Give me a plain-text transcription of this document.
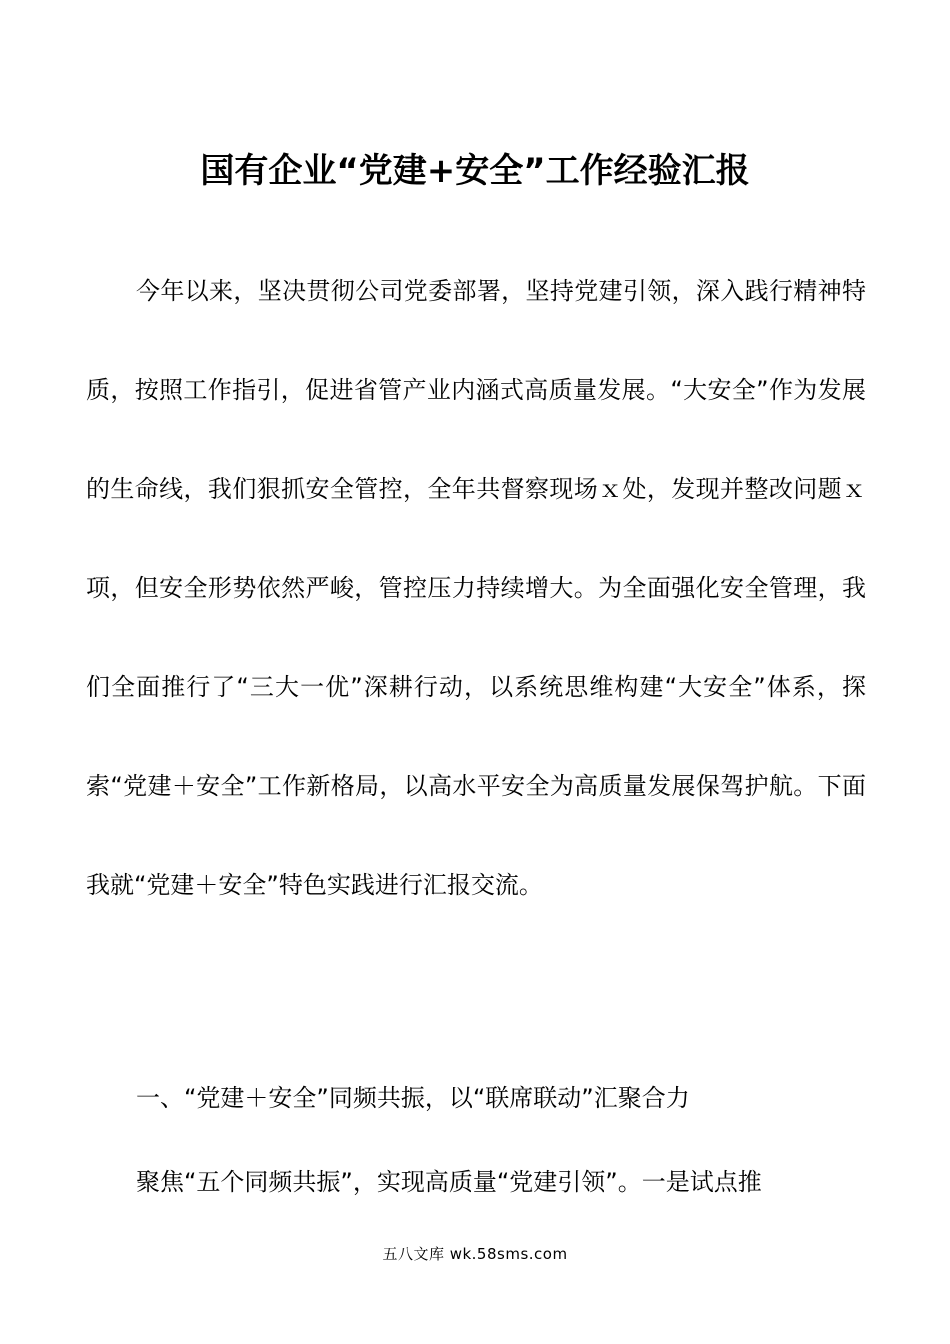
国有企业“党建+安全”工作经验汇报

今年以来，坚决贯彻公司党委部署，坚持党建引领，深入践行精神特质，按照工作指引，促进省管产业内涵式高质量发展。“大安全”作为发展的生命线，我们狠抓安全管控，全年共督察现场ｘ处，发现并整改问题ｘ项，但安全形势依然严峻，管控压力持续增大。为全面强化安全管理，我们全面推行了“三大一优”深耕行动，以系统思维构建“大安全”体系，探索“党建＋安全”工作新格局，以高水平安全为高质量发展保驾护航。下面我就“党建＋安全”特色实践进行汇报交流。

一、“党建＋安全”同频共振，以“联席联动”汇聚合力

聚焦“五个同频共振”，实现高质量“党建引领”。一是试点推

五八文库 wk.58sms.com
